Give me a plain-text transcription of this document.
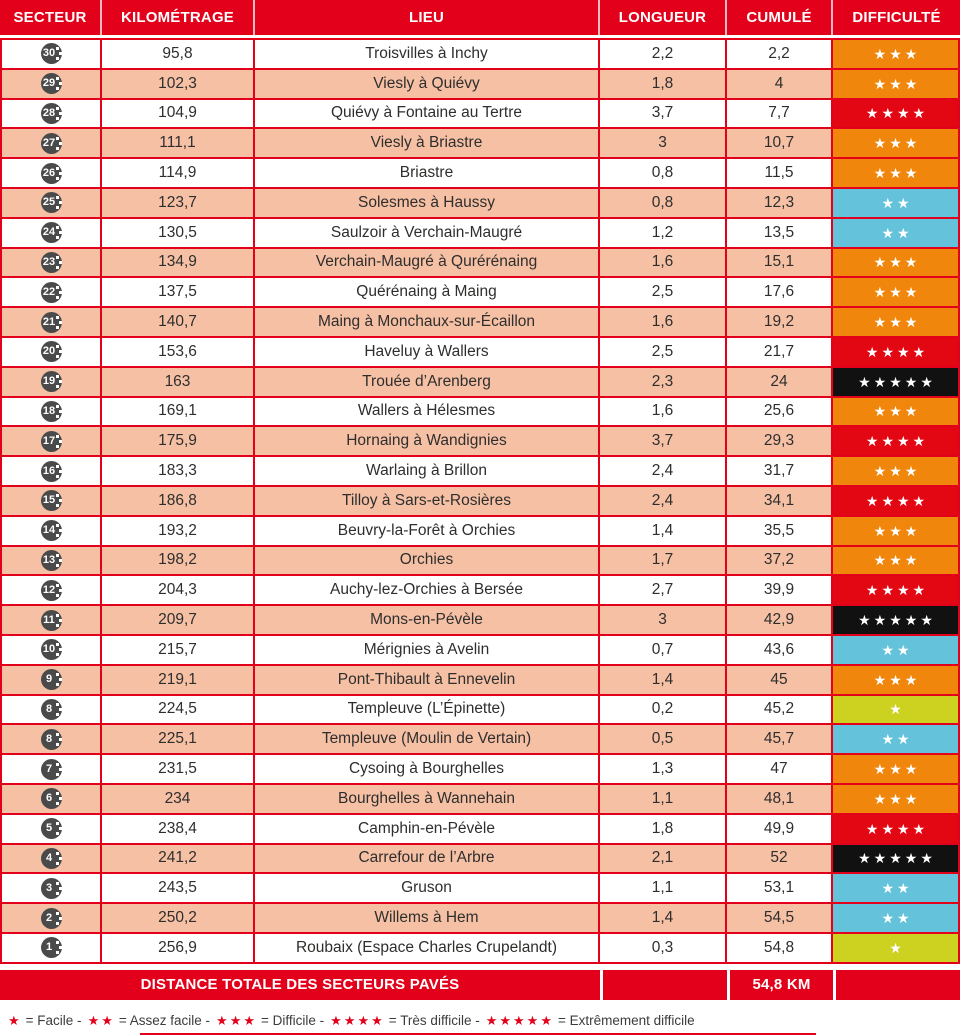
SECTEUR	KILOMÉTRAGE	LIEU	LONGUEUR	CUMULÉ	DIFFICULTÉ
30	95,8	Troisvilles à Inchy	2,2	2,2	★★★
29	102,3	Viesly à Quiévy	1,8	4	★★★
28	104,9	Quiévy à Fontaine au Tertre	3,7	7,7	★★★★
27	111,1	Viesly à Briastre	3	10,7	★★★
26	114,9	Briastre	0,8	11,5	★★★
25	123,7	Solesmes à Haussy	0,8	12,3	★★
24	130,5	Saulzoir à Verchain-Maugré	1,2	13,5	★★
23	134,9	Verchain-Maugré à Qurérénaing	1,6	15,1	★★★
22	137,5	Quérénaing à Maing	2,5	17,6	★★★
21	140,7	Maing à Monchaux-sur-Écaillon	1,6	19,2	★★★
20	153,6	Haveluy à Wallers	2,5	21,7	★★★★
19	163	Trouée d’Arenberg	2,3	24	★★★★★
18	169,1	Wallers à Hélesmes	1,6	25,6	★★★
17	175,9	Hornaing à Wandignies	3,7	29,3	★★★★
16	183,3	Warlaing à Brillon	2,4	31,7	★★★
15	186,8	Tilloy à Sars-et-Rosières	2,4	34,1	★★★★
14	193,2	Beuvry-la-Forêt à Orchies	1,4	35,5	★★★
13	198,2	Orchies	1,7	37,2	★★★
12	204,3	Auchy-lez-Orchies à Bersée	2,7	39,9	★★★★
11	209,7	Mons-en-Pévèle	3	42,9	★★★★★
10	215,7	Mérignies à Avelin	0,7	43,6	★★
9	219,1	Pont-Thibault à Ennevelin	1,4	45	★★★
8	224,5	Templeuve (L’Épinette)	0,2	45,2	★
8	225,1	Templeuve (Moulin de Vertain)	0,5	45,7	★★
7	231,5	Cysoing à Bourghelles	1,3	47	★★★
6	234	Bourghelles à Wannehain	1,1	48,1	★★★
5	238,4	Camphin-en-Pévèle	1,8	49,9	★★★★
4	241,2	Carrefour de l’Arbre	2,1	52	★★★★★
3	243,5	Gruson	1,1	53,1	★★
2	250,2	Willems à Hem	1,4	54,5	★★
1	256,9	Roubaix (Espace Charles Crupelandt)	0,3	54,8	★
DISTANCE TOTALE DES SECTEURS PAVÉS	54,8 KM
★ = Facile - ★★ = Assez facile - ★★★ = Difficile - ★★★★ = Très difficile - ★★★★★ = Extrêmement difficile
